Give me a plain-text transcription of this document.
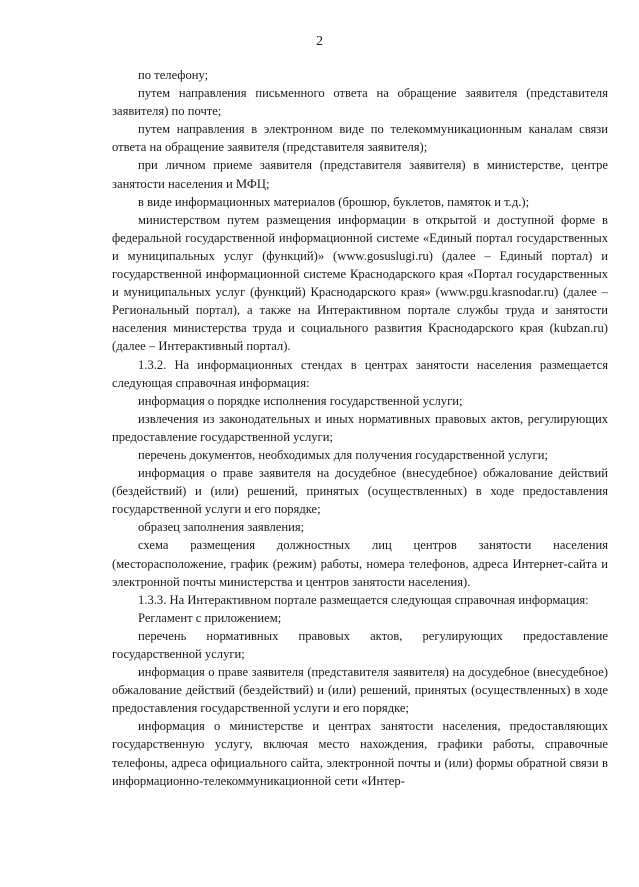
2

по телефону;

путем направления письменного ответа на обращение заявителя (представителя заявителя) по почте;

путем направления в электронном виде по телекоммуникационным каналам связи ответа на обращение заявителя (представителя заявителя);

при личном приеме заявителя (представителя заявителя) в министерстве, центре занятости населения и МФЦ;

в виде информационных материалов (брошюр, буклетов, памяток и т.д.);

министерством путем размещения информации в открытой и доступной форме в федеральной государственной информационной системе «Единый портал государственных и муниципальных услуг (функций)» (www.gosuslugi.ru) (далее – Единый портал) и государственной информационной системе Краснодарского края «Портал государственных и муниципальных услуг (функций) Краснодарского края» (www.pgu.krasnodar.ru) (далее – Региональный портал), а также на Интерактивном портале службы труда и занятости населения министерства труда и социального развития Краснодарского края (kubzan.ru) (далее – Интерактивный портал).

1.3.2. На информационных стендах в центрах занятости населения размещается следующая справочная информация:

информация о порядке исполнения государственной услуги;

извлечения из законодательных и иных нормативных правовых актов, регулирующих предоставление государственной услуги;

перечень документов, необходимых для получения государственной услуги;

информация о праве заявителя на досудебное (внесудебное) обжалование действий (бездействий) и (или) решений, принятых (осуществленных) в ходе предоставления государственной услуги и его порядке;

образец заполнения заявления;

схема размещения должностных лиц центров занятости населения (месторасположение, график (режим) работы, номера телефонов, адреса Интернет-сайта и электронной почты министерства и центров занятости населения).

1.3.3. На Интерактивном портале размещается следующая справочная информация:

Регламент с приложением;

перечень нормативных правовых актов, регулирующих предоставление государственной услуги;

информация о праве заявителя (представителя заявителя) на досудебное (внесудебное) обжалование действий (бездействий) и (или) решений, принятых (осуществленных) в ходе предоставления государственной услуги и его порядке;

информация о министерстве и центрах занятости населения, предоставляющих государственную услугу, включая место нахождения, графики работы, справочные телефоны, адреса официального сайта, электронной почты и (или) формы обратной связи в информационно-телекоммуникационной сети «Интер-
